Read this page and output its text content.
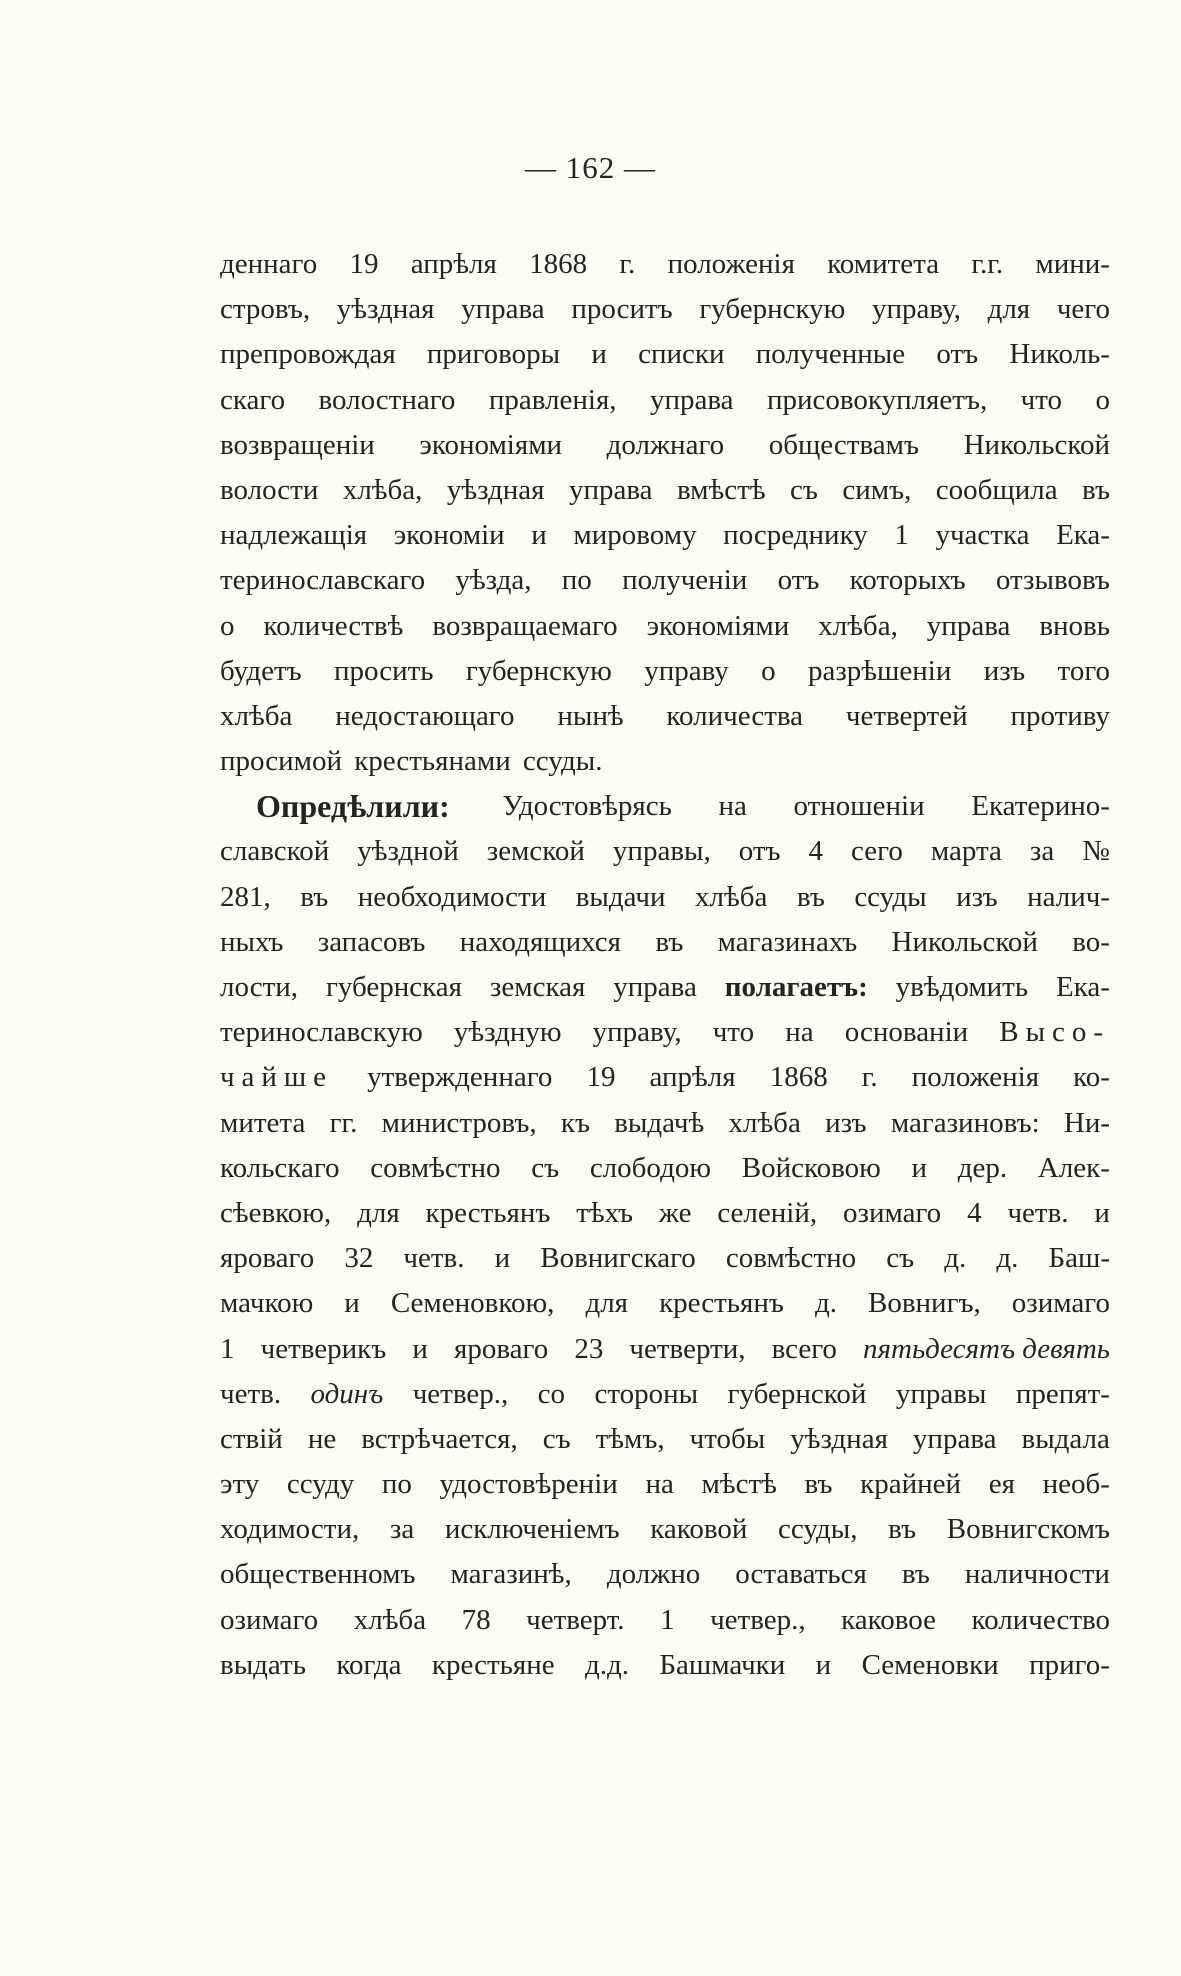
— 162 —
деннаго 19 апрѣля 1868 г. положенія комитета г.г. мини-
стровъ, уѣздная управа проситъ губернскую управу, для чего
препровождая приговоры и списки полученные отъ Николь-
скаго волостнаго правленія, управа присовокупляетъ, что о
возвращеніи экономіями должнаго обществамъ Никольской
волости хлѣба, уѣздная управа вмѣстѣ съ симъ, сообщила въ
надлежащія экономіи и мировому посреднику 1 участка Ека-
теринославскаго уѣзда, по полученіи отъ которыхъ отзывовъ
о количествѣ возвращаемаго экономіями хлѣба, управа вновь
будетъ просить губернскую управу о разрѣшеніи изъ того
хлѣба недостающаго нынѣ количества четвертей противу
просимой крестьянами ссуды.
Опредѣлили: Удостовѣрясь на отношеніи Екатерино-
славской уѣздной земской управы, отъ 4 сего марта за №
281, въ необходимости выдачи хлѣба въ ссуды изъ налич-
ныхъ запасовъ находящихся въ магазинахъ Никольской во-
лости, губернская земская управа полагаетъ: увѣдомить Ека-
теринославскую уѣздную управу, что на основаніи Высо-
чайше утвержденнаго 19 апрѣля 1868 г. положенія ко-
митета гг. министровъ, къ выдачѣ хлѣба изъ магазиновъ: Ни-
кольскаго совмѣстно съ слободою Войсковою и дер. Алек-
сѣевкою, для крестьянъ тѣхъ же селеній, озимаго 4 четв. и
яроваго 32 четв. и Вовнигскаго совмѣстно съ д. д. Баш-
мачкою и Семеновкою, для крестьянъ д. Вовнигъ, озимаго
1 четверикъ и яроваго 23 четверти, всего пятьдесятъ девять
четв. одинъ четвер., со стороны губернской управы препят-
ствій не встрѣчается, съ тѣмъ, чтобы уѣздная управа выдала
эту ссуду по удостовѣреніи на мѣстѣ въ крайней ея необ-
ходимости, за исключеніемъ каковой ссуды, въ Вовнигскомъ
общественномъ магазинѣ, должно оставаться въ наличности
озимаго хлѣба 78 четверт. 1 четвер., каковое количество
выдать когда крестьяне д.д. Башмачки и Семеновки приго-
